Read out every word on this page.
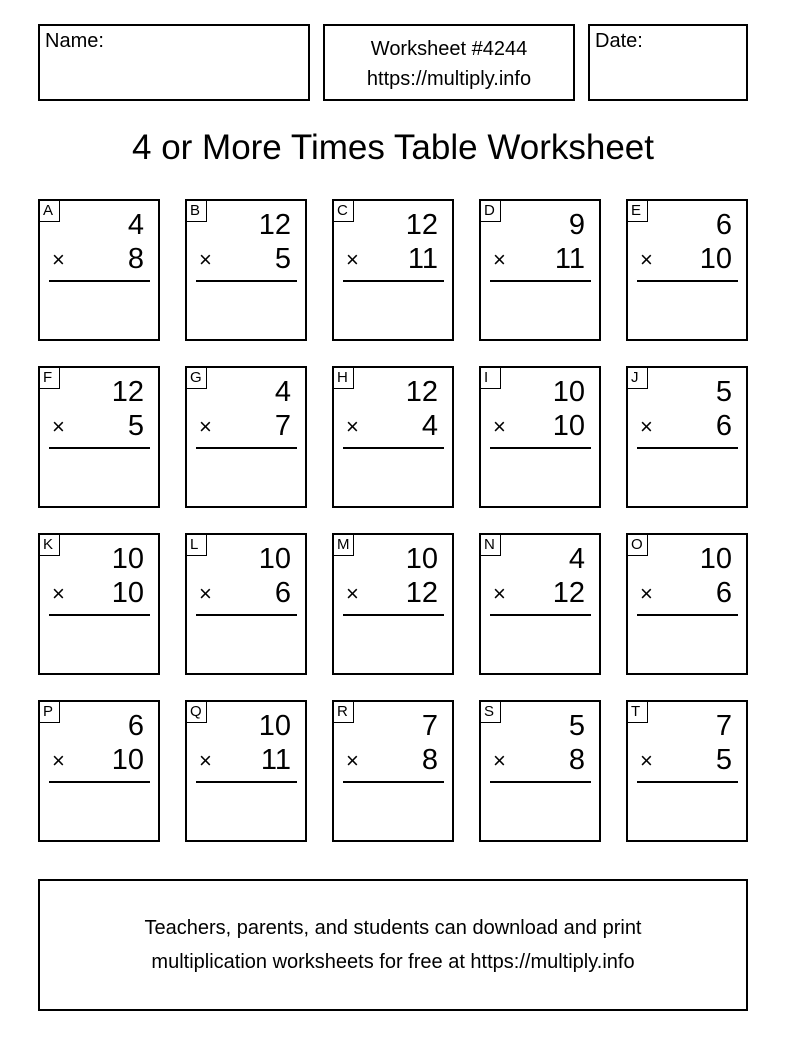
Name:	Worksheet #4244
https://multiply.info
Date:
4 or More Times Table Worksheet
A	4
× 8
B 12
× 5
C 12
× 11
D	9
× 11
E	6
× 10
F 12
× 5
G	4
× 7
H 12
× 4
I	10
× 10
J	5
× 6
K 10
× 10
L 10
× 6
M 10
× 12
N	4
× 12
O 10
× 6
P	6
× 10
Q 10
× 11
R	7
× 8
S	5
× 8
T	7
× 5
Teachers, parents, and students can download and print
multiplication worksheets for free at https://multiply.info
